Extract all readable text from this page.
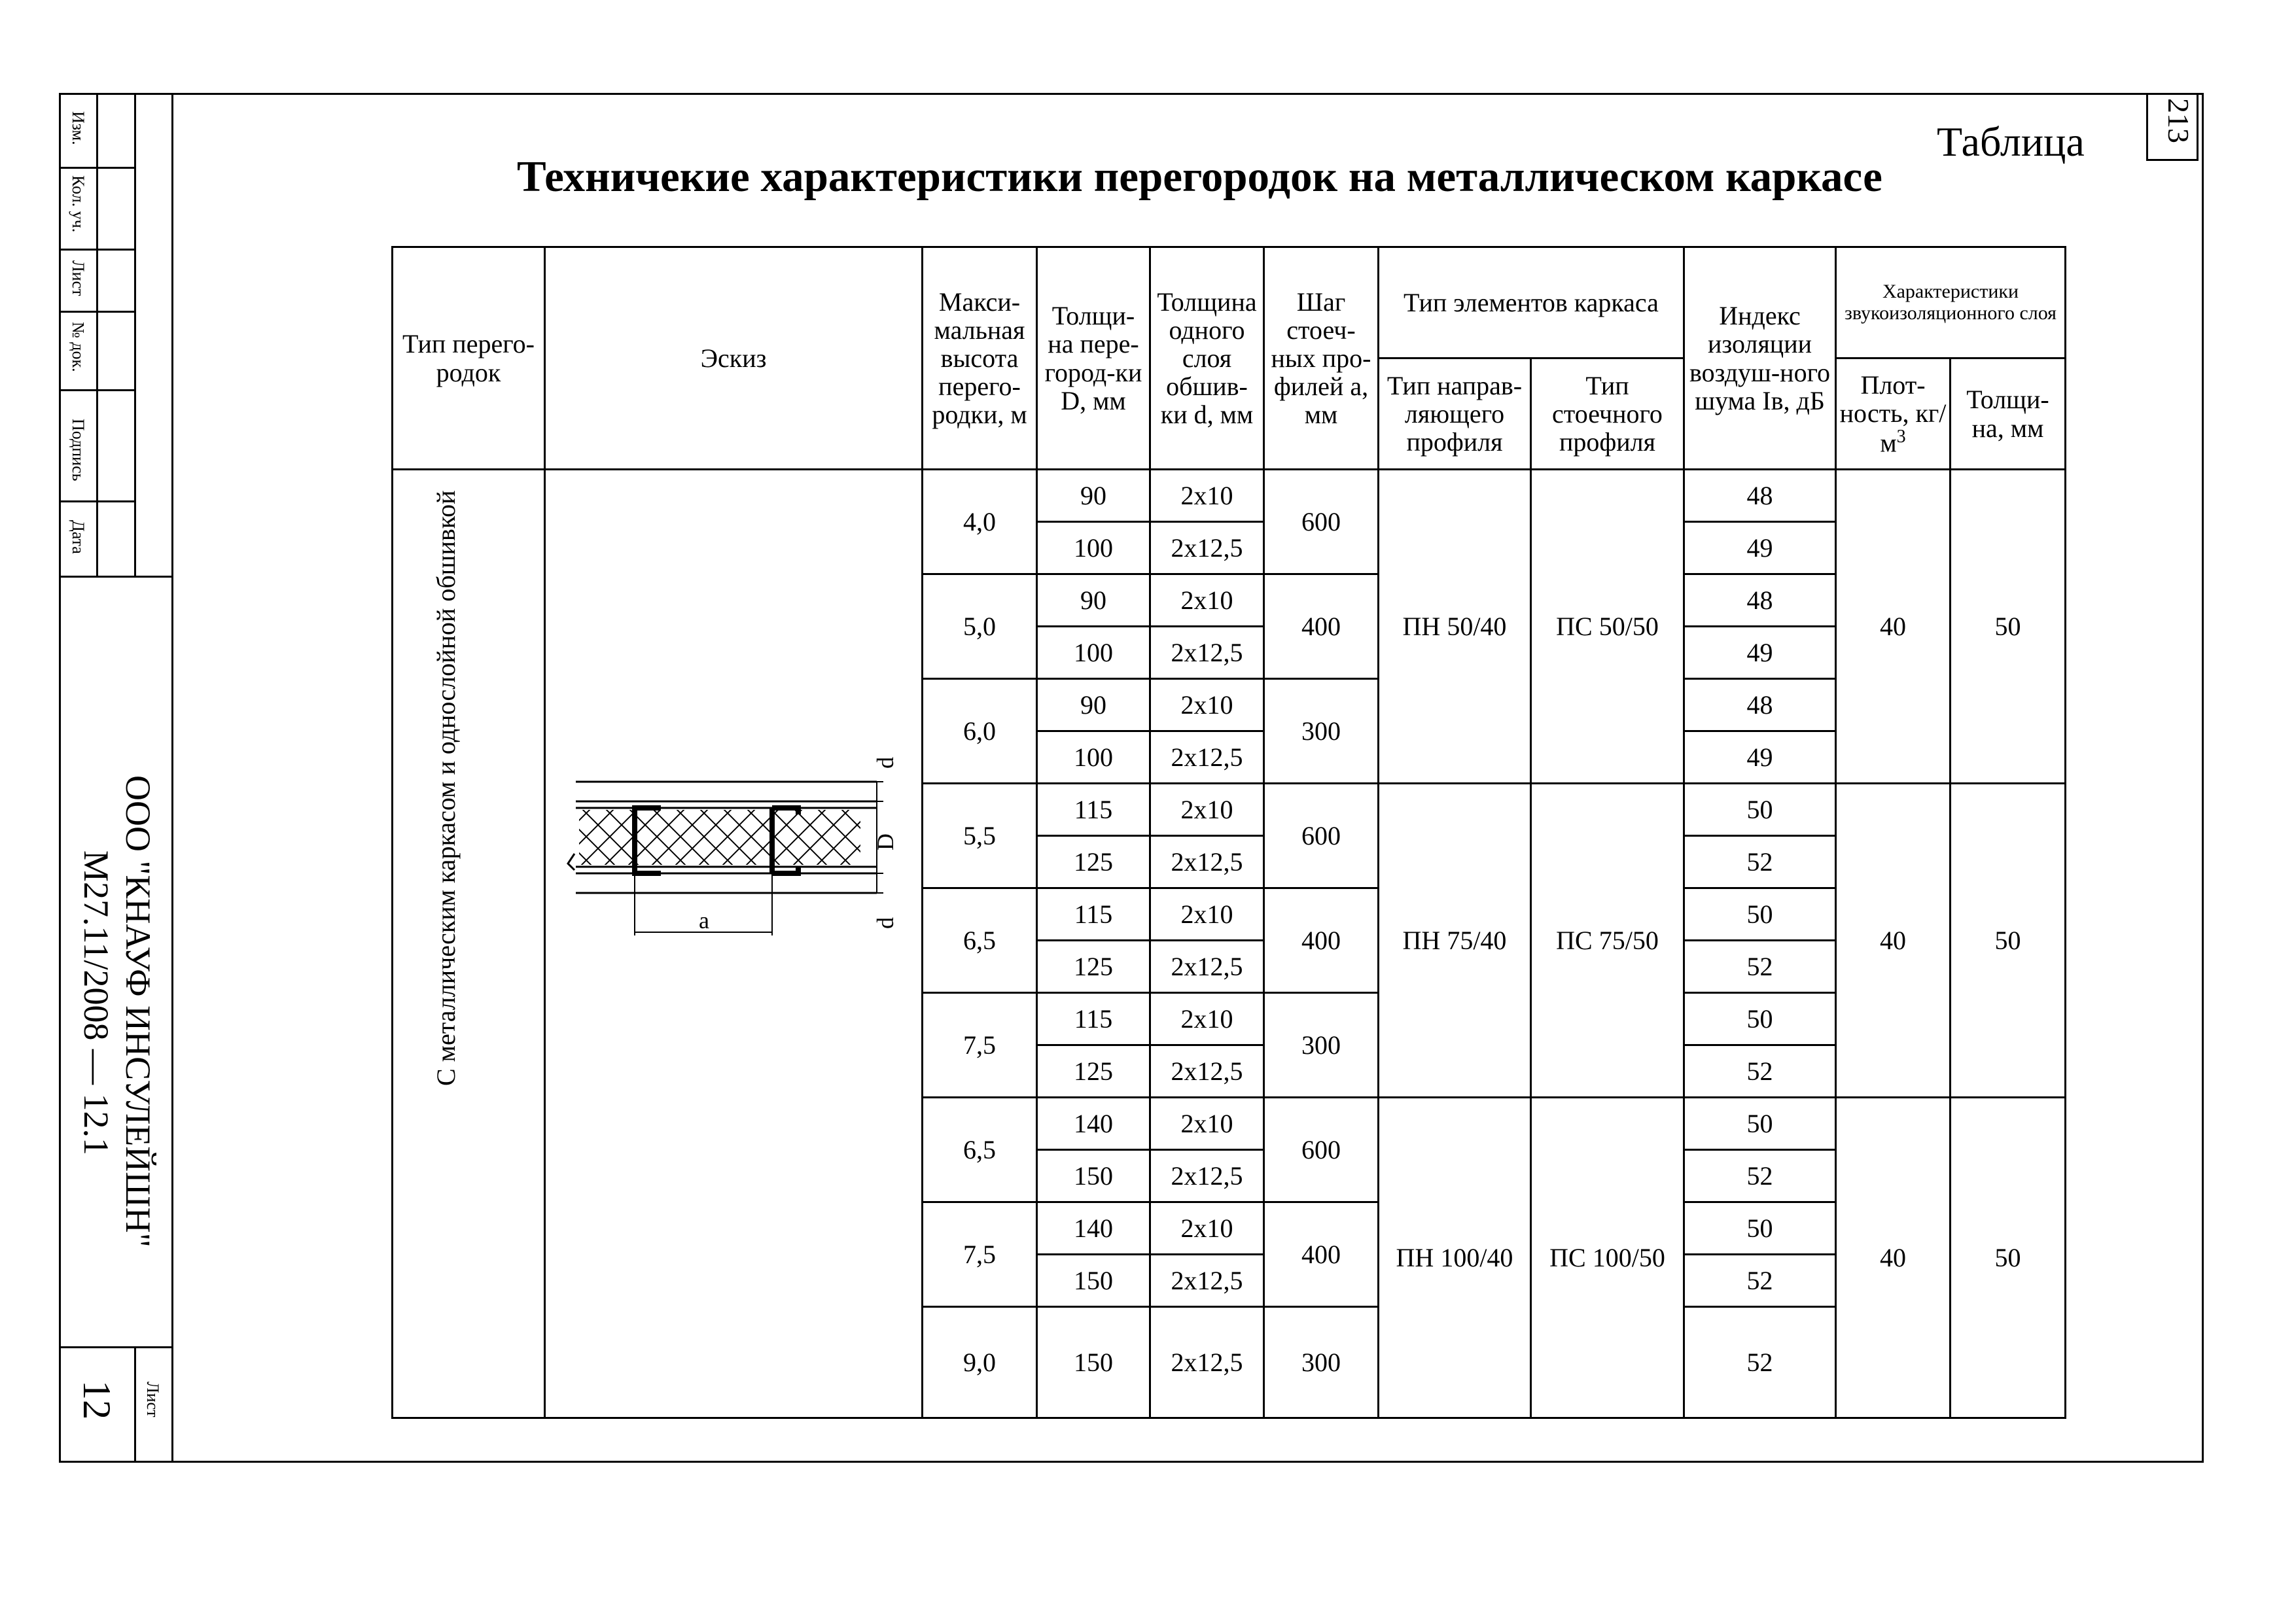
Изм.
Кол. уч.
Лист
№ док.
Подпись
Дата
ООО "КНАУФ ИНСУЛЕЙШН"
М27.11/2008 — 12.1
Лист
12
Таблица	213
Техничекие характеристики перегородок на металлическом каркасе
Тип перего-родок	Эскиз	Макси-мальная высота перего-родки, м	Толщи-на пере-город-ки D, мм	Толщина одного слоя обшив-ки d, мм	Шаг стоеч-ных про-филей a, мм	Тип элементов каркаса		Индекс изоляции воздуш-ного шума Iв, дБ	Характеристики звукоизоляционного слоя	
						Тип направ-ляющего профиля	Тип стоечного профиля		Плот-ность, $кг/м^3$	Толщи-на, мм
		4,0	90	2x10	600	ПН 50/40	ПС 50/50	48	40	50
			100	2x12,5				49		
		5,0	90	2x10	400			48		
			100	2x12,5				49		
		6,0	90	2x10	300			48		
			100	2x12,5				49		
		5,5	115	2x10	600	ПН 75/40	ПС 75/50	50	40	50
			125	2x12,5				52		
		6,5	115	2x10	400			50		
			125	2x12,5				52		
		7,5	115	2x10	300			50		
			125	2x12,5				52		
		6,5	140	2x10	600	ПН 100/40	ПС 100/50	50	40	50
			150	2x12,5				52		
		7,5	140	2x10	400			50		
			150	2x12,5				52		
		9,0	150	2x12,5	300			52		
С металлическим каркасом и однослойной обшивкой	d
D
d
a
